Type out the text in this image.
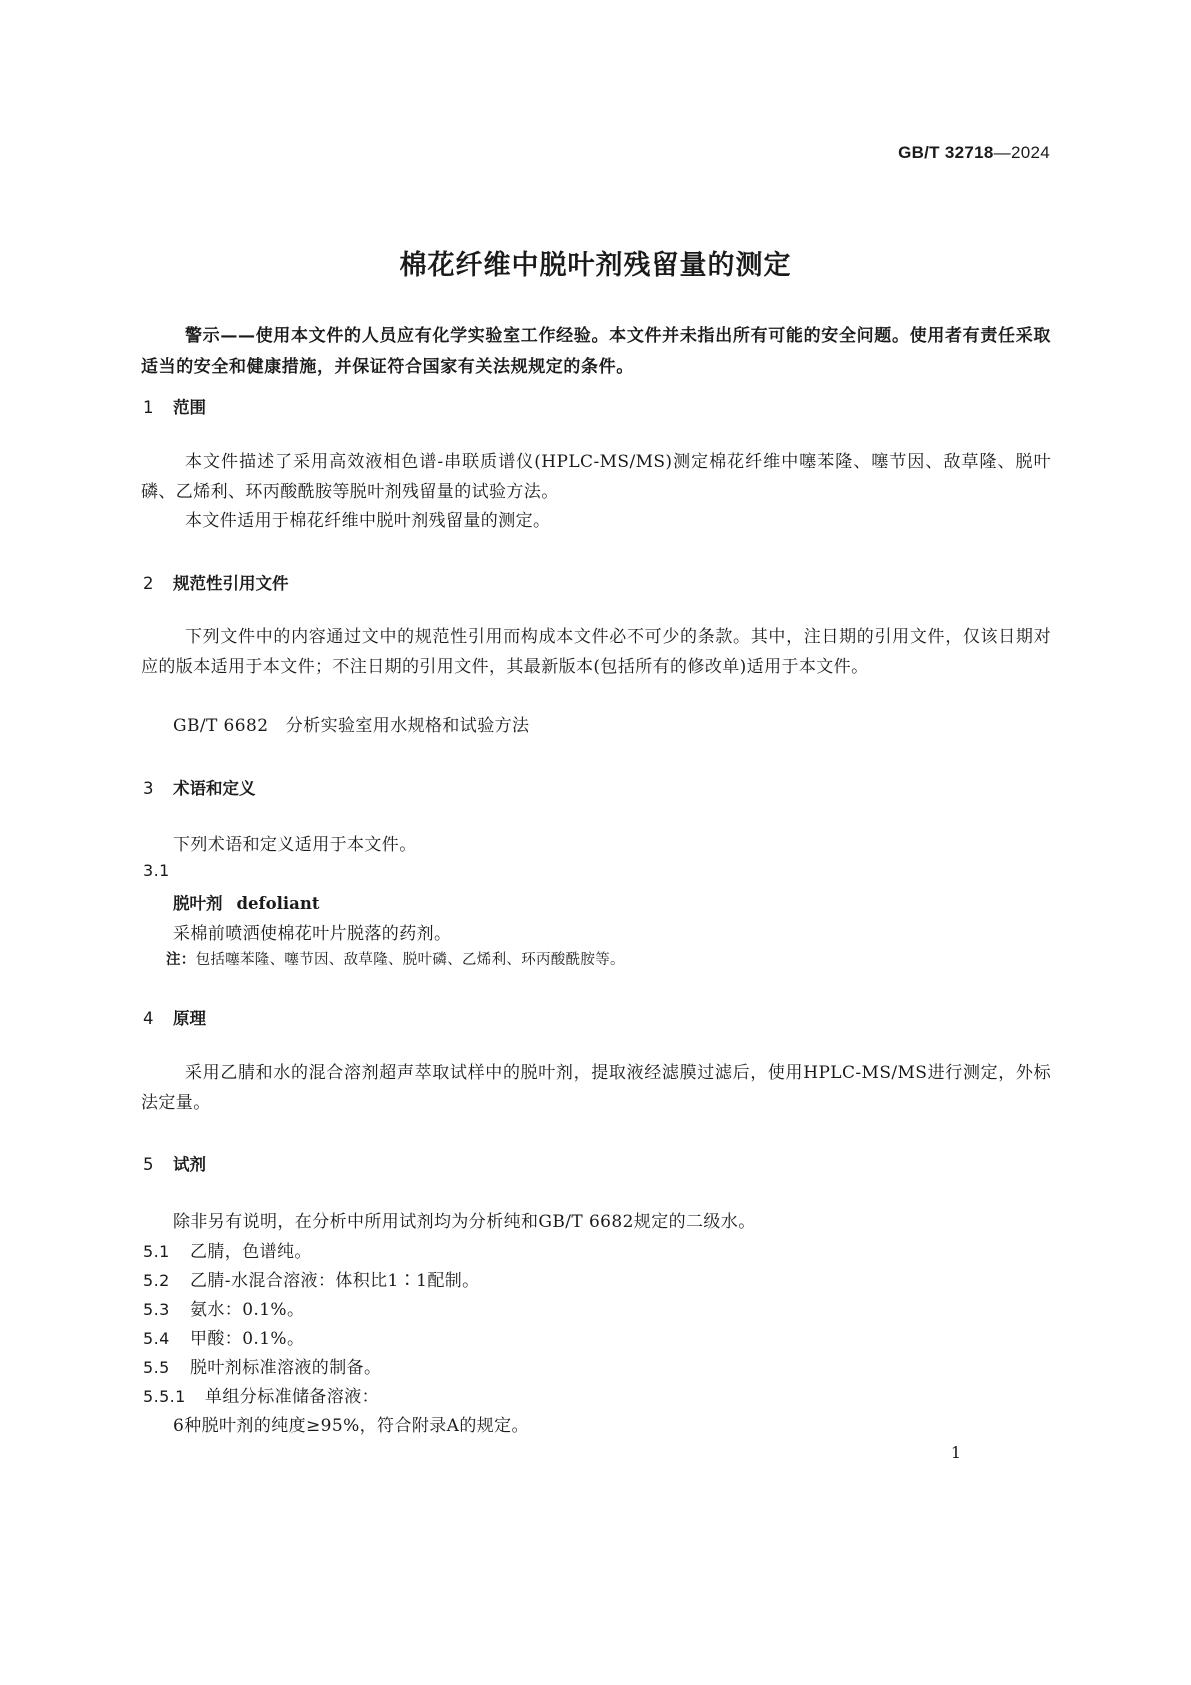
GB/T 32718—2024
棉花纤维中脱叶剂残留量的测定
警示——使用本文件的人员应有化学实验室工作经验。本文件并未指出所有可能的安全问题。使用者有责任采取适当的安全和健康措施，并保证符合国家有关法规规定的条件。
1 范围
本文件描述了采用高效液相色谱-串联质谱仪(HPLC-MS/MS)测定棉花纤维中噻苯隆、噻节因、敌草隆、脱叶磷、乙烯利、环丙酸酰胺等脱叶剂残留量的试验方法。
本文件适用于棉花纤维中脱叶剂残留量的测定。
2 规范性引用文件
下列文件中的内容通过文中的规范性引用而构成本文件必不可少的条款。其中，注日期的引用文件，仅该日期对应的版本适用于本文件；不注日期的引用文件，其最新版本(包括所有的修改单)适用于本文件。
GB/T 6682　分析实验室用水规格和试验方法
3 术语和定义
下列术语和定义适用于本文件。
3.1
脱叶剂 defoliant
采棉前喷洒使棉花叶片脱落的药剂。
注：包括噻苯隆、噻节因、敌草隆、脱叶磷、乙烯利、环丙酸酰胺等。
4 原理
采用乙腈和水的混合溶剂超声萃取试样中的脱叶剂，提取液经滤膜过滤后，使用HPLC-MS/MS进行测定，外标法定量。
5 试剂
除非另有说明，在分析中所用试剂均为分析纯和GB/T 6682规定的二级水。
5.1 乙腈，色谱纯。
5.2 乙腈-水混合溶液：体积比1∶1配制。
5.3 氨水：0.1%。
5.4 甲酸：0.1%。
5.5 脱叶剂标准溶液的制备。
5.5.1 单组分标准储备溶液：
6种脱叶剂的纯度≥95%，符合附录A的规定。
1
